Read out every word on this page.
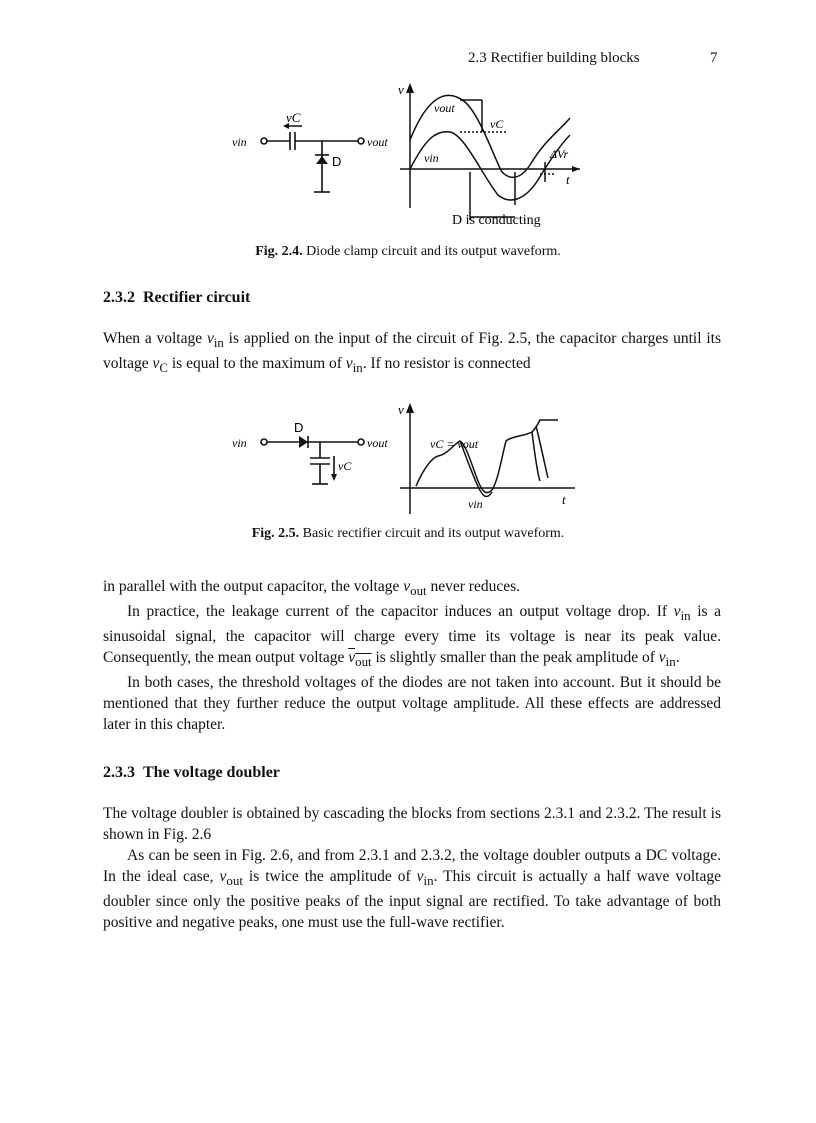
2.3 Rectifier building blocks	7
vC
vin	vout
D
v
vout
vC
vin	ΔVr
t
D is conducting
Fig. 2.4. Diode clamp circuit and its output waveform.
2.3.2 Rectifier circuit

When a voltage $v_{in}$ is applied on the input of the circuit of Fig. 2.5, the capacitor charges until its voltage $v_C$ is equal to the maximum of $v_{in}$. If no resistor is connected

D
vin	vout
vC
v
vC = vout
vin	t
Fig. 2.5. Basic rectifier circuit and its output waveform.

in parallel with the output capacitor, the voltage $v_{out}$ never reduces.

In practice, the leakage current of the capacitor induces an output voltage drop. If $v_{in}$ is a sinusoidal signal, the capacitor will charge every time its voltage is near its peak value. Consequently, the mean output voltage $v_{out}$ is slightly smaller than the peak amplitude of $v_{in}$.

In both cases, the threshold voltages of the diodes are not taken into account. But it should be mentioned that they further reduce the output voltage amplitude. All these effects are addressed later in this chapter.

2.3.3 The voltage doubler

The voltage doubler is obtained by cascading the blocks from sections 2.3.1 and 2.3.2. The result is shown in Fig. 2.6

As can be seen in Fig. 2.6, and from 2.3.1 and 2.3.2, the voltage doubler outputs a DC voltage. In the ideal case, $v_{out}$ is twice the amplitude of $v_{in}$. This circuit is actually a half wave voltage doubler since only the positive peaks of the input signal are rectified. To take advantage of both positive and negative peaks, one must use the full-wave rectifier.
